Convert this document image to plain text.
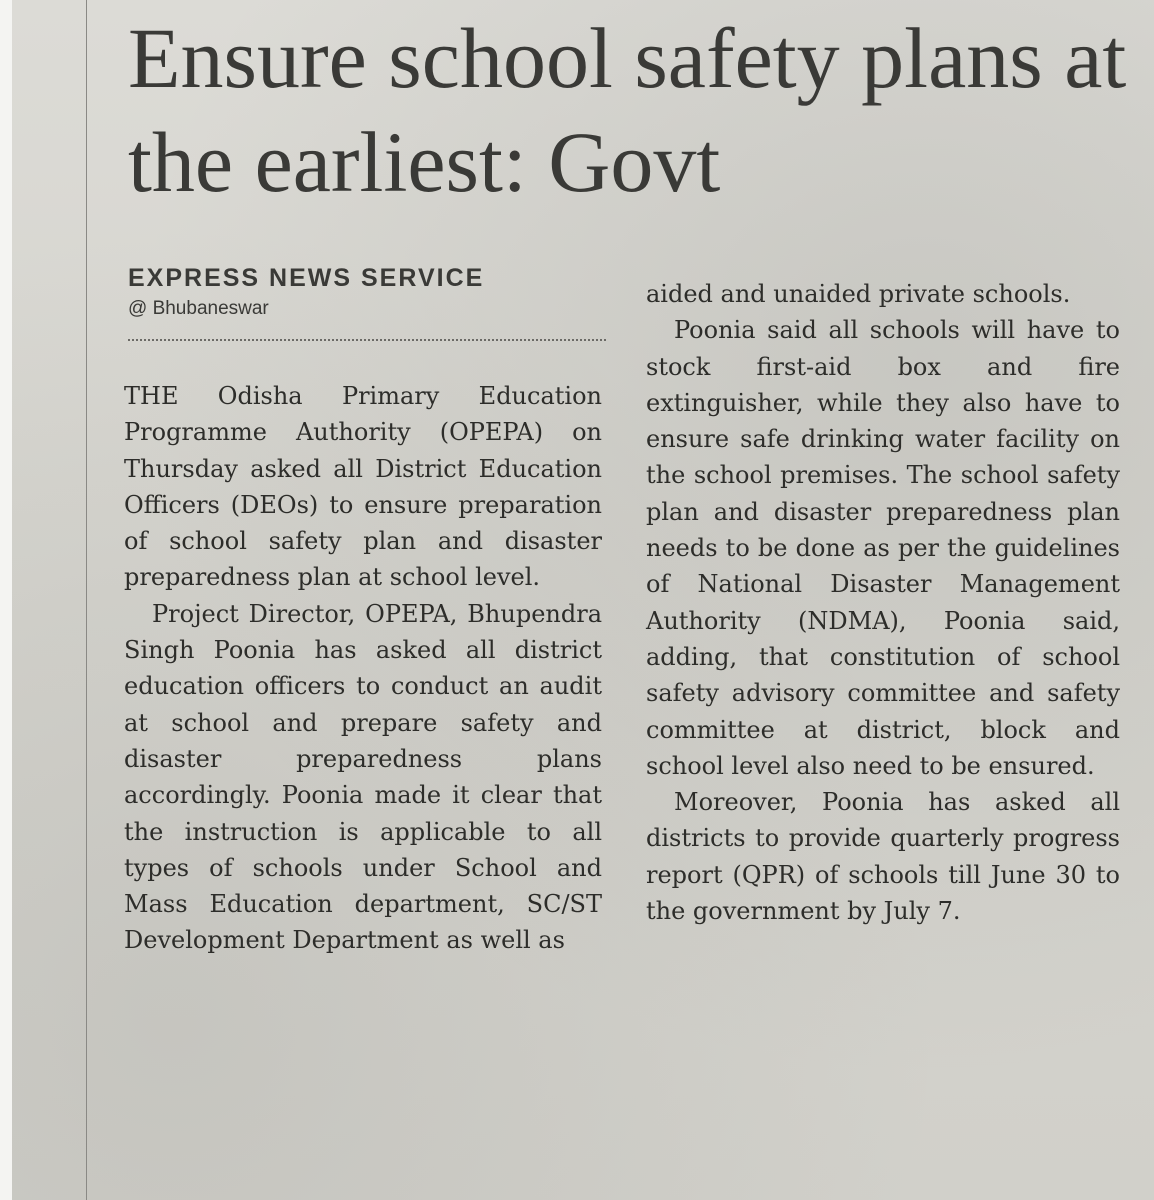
Ensure school safety plans at the earliest: Govt
EXPRESS NEWS SERVICE
@ Bhubaneswar

THE Odisha Primary Education Programme Authority (OPEPA) on Thursday asked all District Education Officers (DEOs) to ensure preparation of school safety plan and disaster preparedness plan at school level.

Project Director, OPEPA, Bhupendra Singh Poonia has asked all district education officers to conduct an audit at school and prepare safety and disaster preparedness plans accordingly. Poonia made it clear that the instruction is applicable to all types of schools under School and Mass Education department, SC/ST Development Department as well as

aided and unaided private schools.

Poonia said all schools will have to stock first-aid box and fire extinguisher, while they also have to ensure safe drinking water facility on the school premises. The school safety plan and disaster preparedness plan needs to be done as per the guidelines of National Disaster Management Authority (NDMA), Poonia said, adding, that constitution of school safety advisory committee and safety committee at district, block and school level also need to be ensured.

Moreover, Poonia has asked all districts to provide quarterly progress report (QPR) of schools till June 30 to the government by July 7.
